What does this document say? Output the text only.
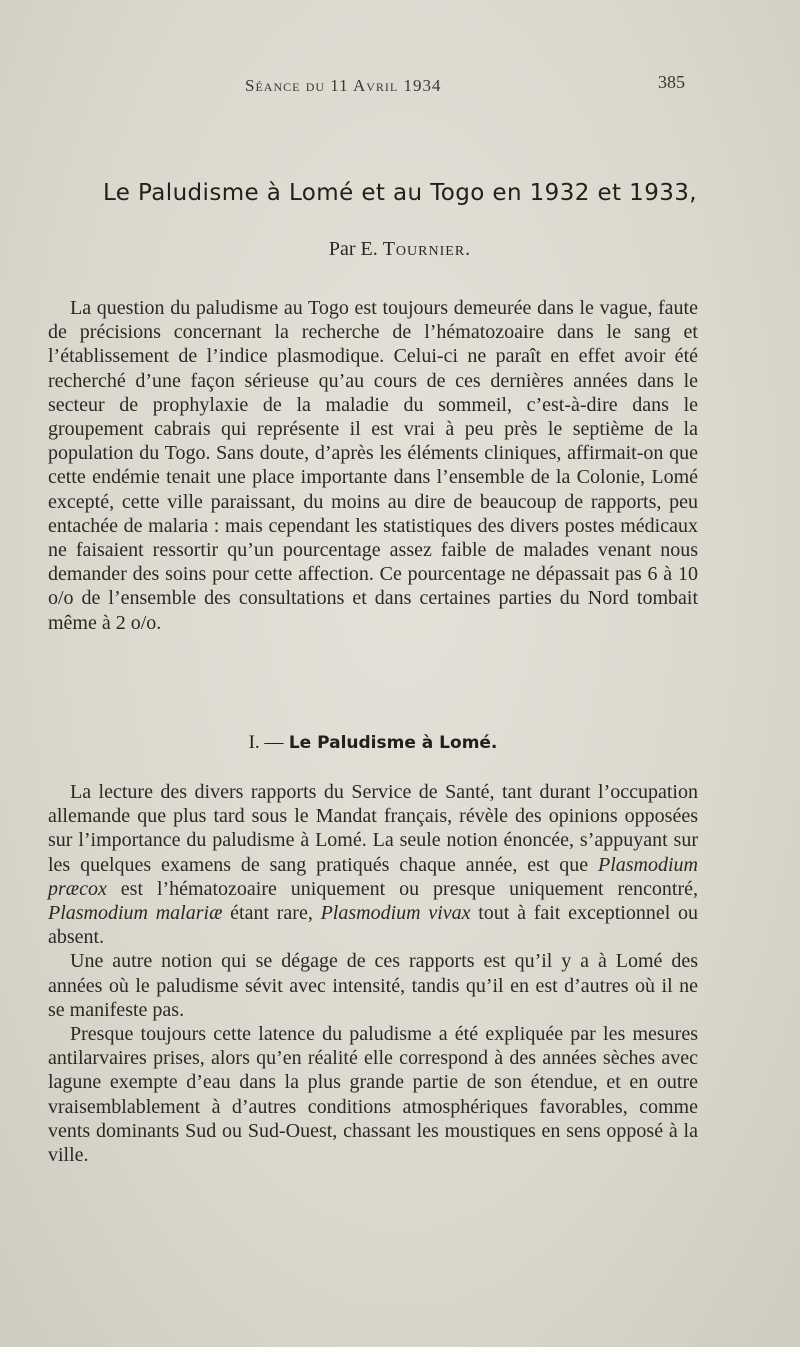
Séance du 11 Avril 1934	385
Le Paludisme à Lomé et au Togo en 1932 et 1933,
Par E. Tournier.

La question du paludisme au Togo est toujours demeurée dans le vague, faute de précisions concernant la recherche de l’hématozoaire dans le sang et l’établissement de l’indice plasmodique. Celui-ci ne paraît en effet avoir été recherché d’une façon sérieuse qu’au cours de ces dernières années dans le secteur de prophylaxie de la maladie du sommeil, c’est-à-dire dans le groupement cabrais qui représente il est vrai à peu près le septième de la population du Togo. Sans doute, d’après les éléments cliniques, affirmait-on que cette endémie tenait une place importante dans l’ensemble de la Colonie, Lomé excepté, cette ville paraissant, du moins au dire de beaucoup de rapports, peu entachée de malaria : mais cependant les statistiques des divers postes médicaux ne faisaient ressortir qu’un pourcentage assez faible de malades venant nous demander des soins pour cette affection. Ce pourcentage ne dépassait pas 6 à 10 o/o de l’ensemble des consultations et dans certaines parties du Nord tombait même à 2 o/o.

I. — Le Paludisme à Lomé.

La lecture des divers rapports du Service de Santé, tant durant l’occupation allemande que plus tard sous le Mandat français, révèle des opinions opposées sur l’importance du paludisme à Lomé. La seule notion énoncée, s’appuyant sur les quelques examens de sang pratiqués chaque année, est que Plasmodium præcox est l’hématozoaire uniquement ou presque uniquement rencontré, Plasmodium malariæ étant rare, Plasmodium vivax tout à fait exceptionnel ou absent.

Une autre notion qui se dégage de ces rapports est qu’il y a à Lomé des années où le paludisme sévit avec intensité, tandis qu’il en est d’autres où il ne se manifeste pas.

Presque toujours cette latence du paludisme a été expliquée par les mesures antilarvaires prises, alors qu’en réalité elle correspond à des années sèches avec lagune exempte d’eau dans la plus grande partie de son étendue, et en outre vraisemblablement à d’autres conditions atmosphériques favorables, comme vents dominants Sud ou Sud-Ouest, chassant les moustiques en sens opposé à la ville.
